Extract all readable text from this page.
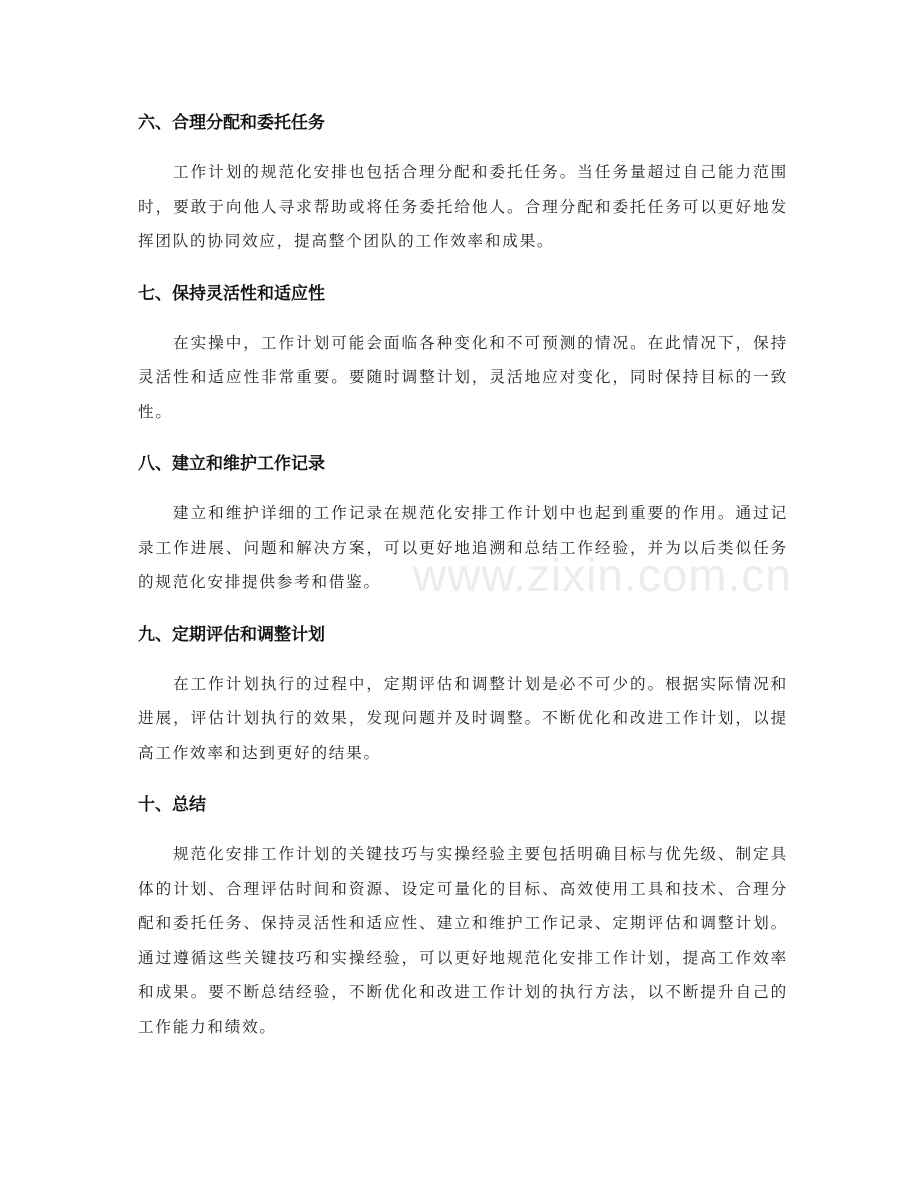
六、合理分配和委托任务

工作计划的规范化安排也包括合理分配和委托任务。当任务量超过自己能力范围时，要敢于向他人寻求帮助或将任务委托给他人。合理分配和委托任务可以更好地发挥团队的协同效应，提高整个团队的工作效率和成果。

七、保持灵活性和适应性

在实操中，工作计划可能会面临各种变化和不可预测的情况。在此情况下，保持灵活性和适应性非常重要。要随时调整计划，灵活地应对变化，同时保持目标的一致性。

八、建立和维护工作记录

建立和维护详细的工作记录在规范化安排工作计划中也起到重要的作用。通过记录工作进展、问题和解决方案，可以更好地追溯和总结工作经验，并为以后类似任务的规范化安排提供参考和借鉴。

九、定期评估和调整计划

在工作计划执行的过程中，定期评估和调整计划是必不可少的。根据实际情况和进展，评估计划执行的效果，发现问题并及时调整。不断优化和改进工作计划，以提高工作效率和达到更好的结果。

十、总结

规范化安排工作计划的关键技巧与实操经验主要包括明确目标与优先级、制定具体的计划、合理评估时间和资源、设定可量化的目标、高效使用工具和技术、合理分配和委托任务、保持灵活性和适应性、建立和维护工作记录、定期评估和调整计划。通过遵循这些关键技巧和实操经验，可以更好地规范化安排工作计划，提高工作效率和成果。要不断总结经验，不断优化和改进工作计划的执行方法，以不断提升自己的工作能力和绩效。

www.zixin.com.cn
